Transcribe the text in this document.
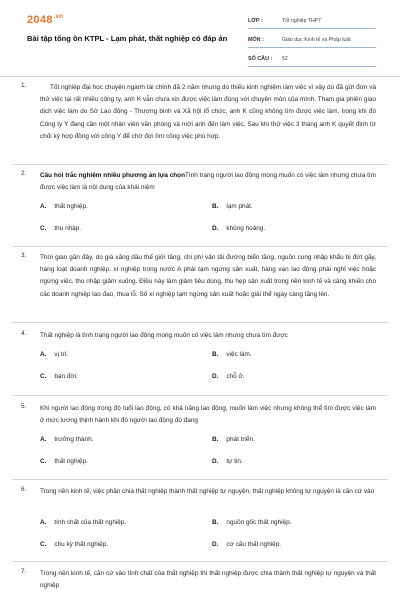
$2048^{.vn}$
Bài tập tổng ôn KTPL - Lạm phát, thất nghiệp có đáp án
LỚP :	Tốt nghiệp THPT
MÔN :	Giáo dục Kinh tế và Pháp luật
SỐ CÂU :	52
1.	Tốt nghiệp đại học chuyên ngành tài chính đã 2 năm nhưng do thiếu kinh nghiệm làm việc vì vậy dù đã gửi đơn và thử việc tại rất nhiều công ty, anh K vẫn chưa xin được việc làm đúng với chuyên môn của mình. Tham gia phiên giao dịch việc làm do Sở Lao động - Thương binh và Xã hội tổ chức, anh K cũng không tìm được việc làm, trong khi đó Công ty Y đang cần một nhân viên văn phòng và mời anh đến làm việc. Sau khi thử việc 3 tháng anh K quyết định từ chối ký hợp đồng với công Y để chờ đợi tìm công việc phù hợp.
2. Câu hỏi trắc nghiệm nhiều phương án lựa chọnTình trạng người lao động mong muốn có việc làm nhưng chưa tìm được việc làm là nội dung của khái niệm
A. thất nghiệp.	B. lạm phát.
C. thu nhập.	D. khủng hoảng.
3. Thời gian gần đây, do giá xăng dầu thế giới tăng, chi phí vận tải đường biển tăng, nguồn cung nhập khẩu bị đứt gãy, hàng loạt doanh nghiệp, xí nghiệp trong nước A phải tạm ngưng sản xuất, hàng vạn lao động phải nghỉ việc hoặc ngừng việc, thu nhập giảm xuống. Điều này làm giảm tiêu dùng, thu hẹp sản xuất trong nền kinh tế và càng khiến cho các doanh nghiệp lao đao, thua lỗ. Số xí nghiệp tạm ngừng sản xuất hoặc giải thể ngày càng tăng lên.
4. Thất nghiệp là tình trạng người lao động mong muốn có việc làm nhưng chưa tìm được
A. vị trí.	B. việc làm.
C. bạn đời.	D. chỗ ở.
5. Khi người lao động trong độ tuổi lao động, có khả năng lao động, muốn làm việc nhưng không thể tìm được việc làm ở mức lương thịnh hành khi đó người lao động đó đang
A. trưởng thành.	B. phát triển.
C. thất nghiệp.	D. tự tin.
6. Trong nền kinh tế, việc phân chia thất nghiệp thành thất nghiệp tự nguyện, thất nghiệp không tự nguyện là căn cứ vào
A. tính chất của thất nghiệp.	B. nguồn gốc thất nghiệp.
C. chu kỳ thất nghiệp.	D. cơ cấu thất nghiệp.
7. Trong nền kinh tế, căn cứ vào tính chất của thất nghiệp thì thất nghiệp được chia thành thất nghiệp tự nguyện và thất nghiệp
